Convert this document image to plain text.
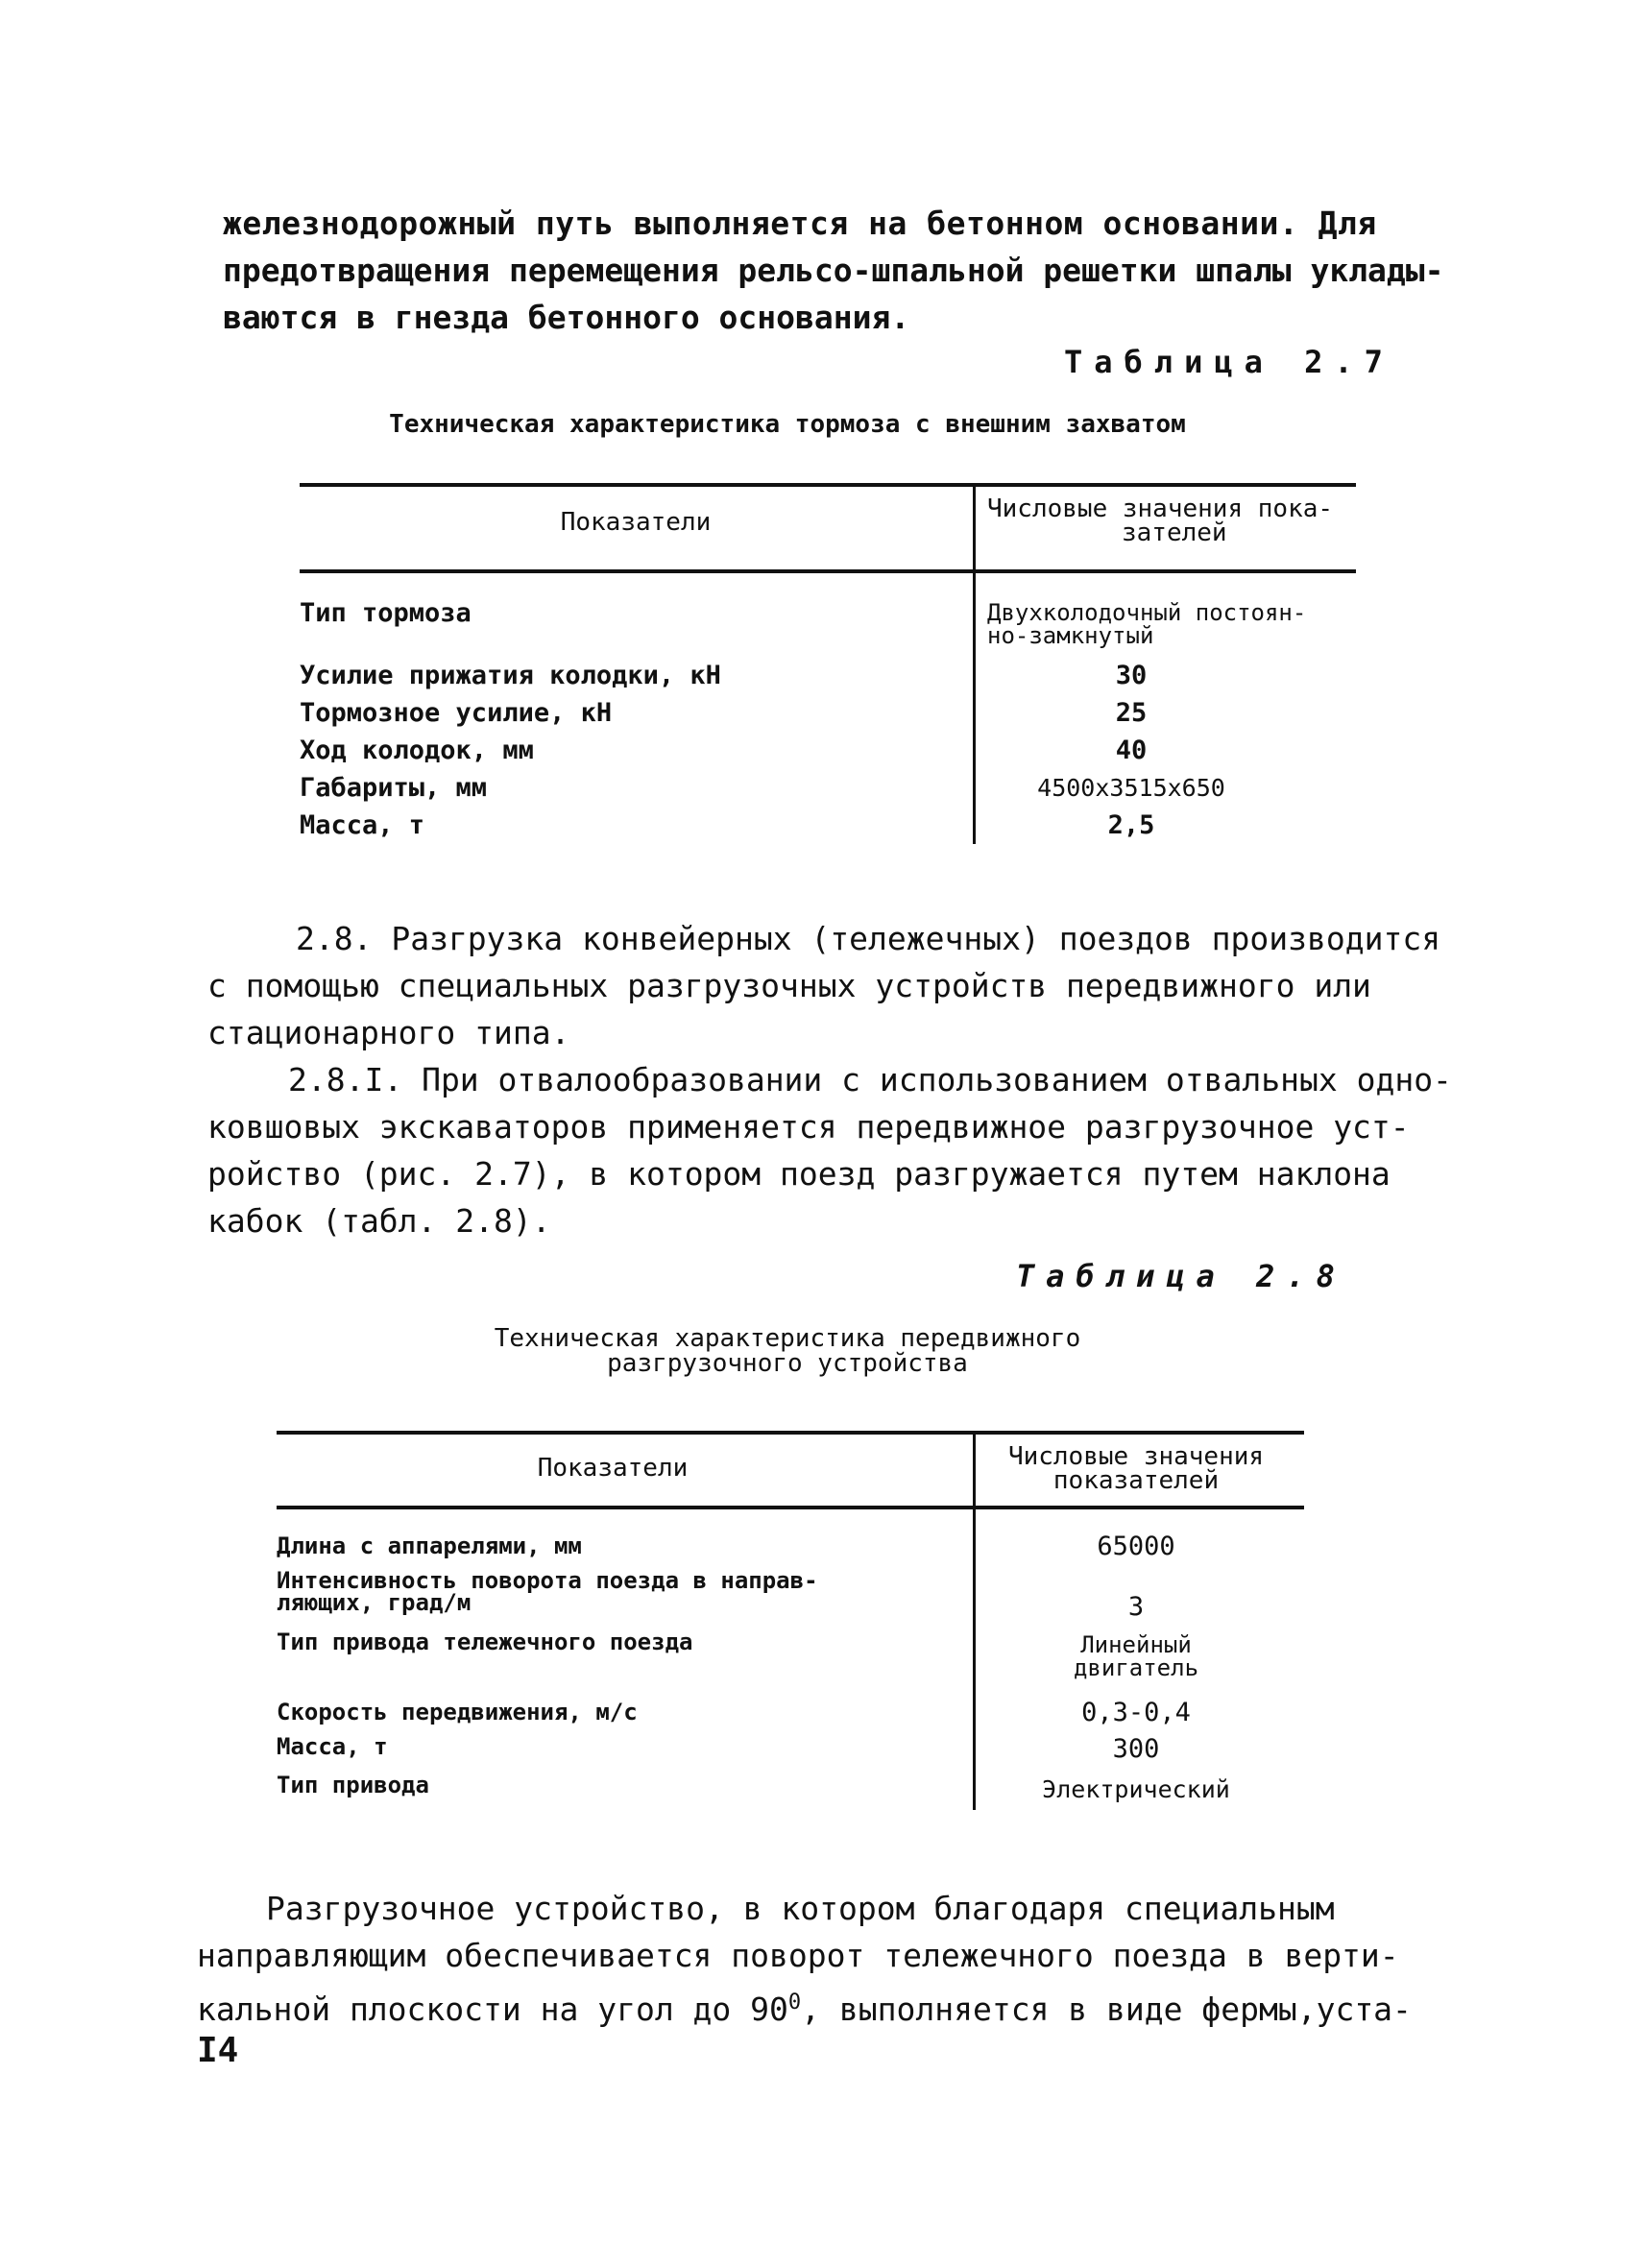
железнодорожный путь выполняется на бетонном основании. Для
предотвращения перемещения рельсо-шпальной решетки шпалы уклады-
ваются в гнезда бетонного основания.
Таблица 2.7
Техническая характеристика тормоза с внешним захватом
Показатели	Числовые значения пока-
зателей
Тип тормоза	Двухколодочный постоян-
но-замкнутый
Усилие прижатия колодки, кН	30
Тормозное усилие, кН	25
Ход колодок, мм	40
Габариты, мм	4500x3515x650
Масса, т	2,5
2.8. Разгрузка конвейерных (тележечных) поездов производится
с помощью специальных разгрузочных устройств передвижного или
стационарного типа.
2.8.I. При отвалообразовании с использованием отвальных одно-
ковшовых экскаваторов применяется передвижное разгрузочное уст-
ройство (рис. 2.7), в котором поезд разгружается путем наклона
кабок (табл. 2.8).
Таблица 2.8
Техническая характеристика передвижного
разгрузочного устройства
Показатели	Числовые значения
показателей
Длина с аппарелями, мм	65000
Интенсивность поворота поезда в направ-
ляющих, град/м	3
Тип привода тележечного поезда	Линейный
двигатель
Скорость передвижения, м/с	0,3-0,4
Масса, т	300
Тип привода	Электрический
Разгрузочное устройство, в котором благодаря специальным
направляющим обеспечивается поворот тележечного поезда в верти-
кальной плоскости на угол до $90^0$, выполняется в виде фермы,уста-
I4
